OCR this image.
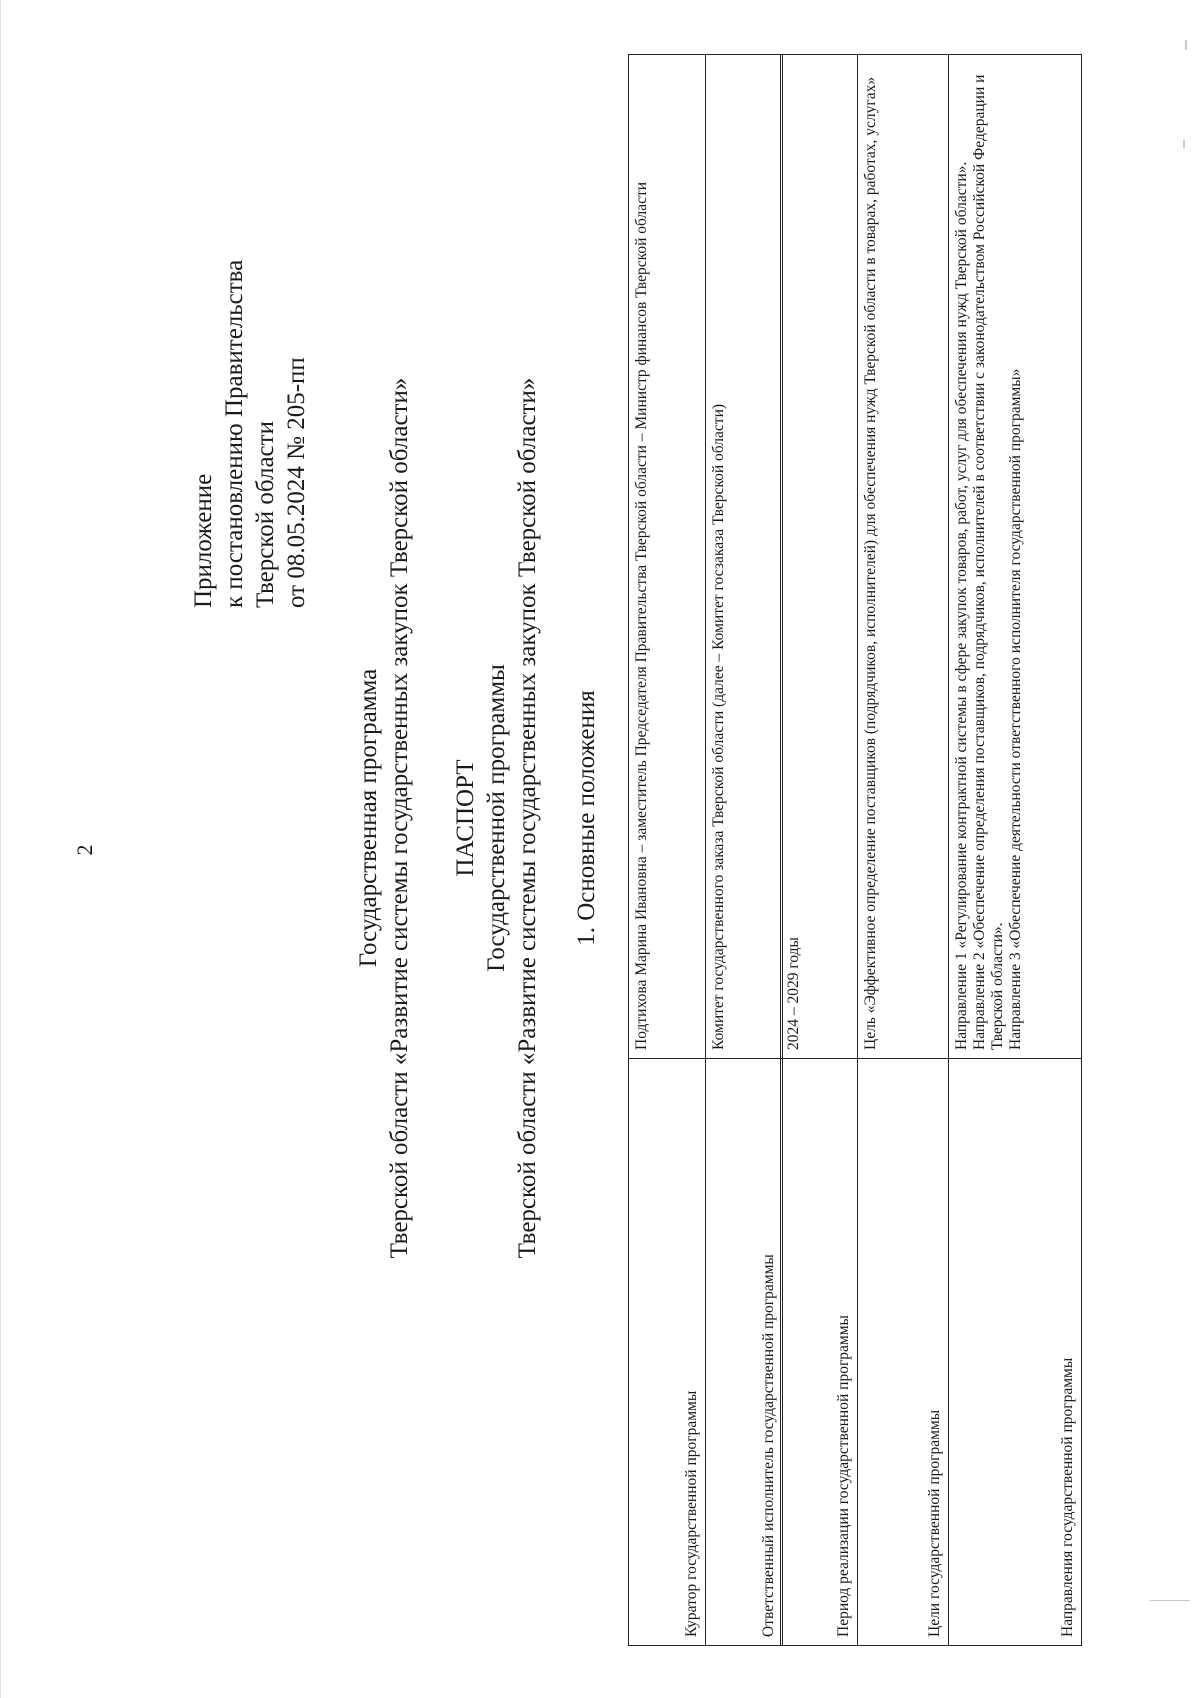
2
Приложение к постановлению Правительства Тверской области от 08.05.2024 № 205-пп
Государственная программа Тверской области «Развитие системы государственных закупок Тверской области» ПАСПОРТ Государственной программы Тверской области «Развитие системы государственных закупок Тверской области» 1. Основные положения
Куратор государственной программы	Подтихова Марина Ивановна – заместитель Председателя Правительства Тверской области – Министр финансов Тверской области
Ответственный исполнитель государственной программы	Комитет государственного заказа Тверской области (далее – Комитет госзаказа Тверской области)
Период реализации государственной программы	2024 – 2029 годы

Цели государственной программы	Цель «Эффективное определение поставщиков (подрядчиков, исполнителей) для обеспечения нужд Тверской области в товарах, работах, услугах»

Направления государственной программы	Направление 1 «Регулирование контрактной системы в сфере закупок товаров, работ, услуг для обеспечения нужд Тверской области». Направление 2 «Обеспечение определения поставщиков, подрядчиков, исполнителей в соответствии с законодательством Российской Федерации и Тверской области». Направление 3 «Обеспечение деятельности ответственного исполнителя государственной программы»
